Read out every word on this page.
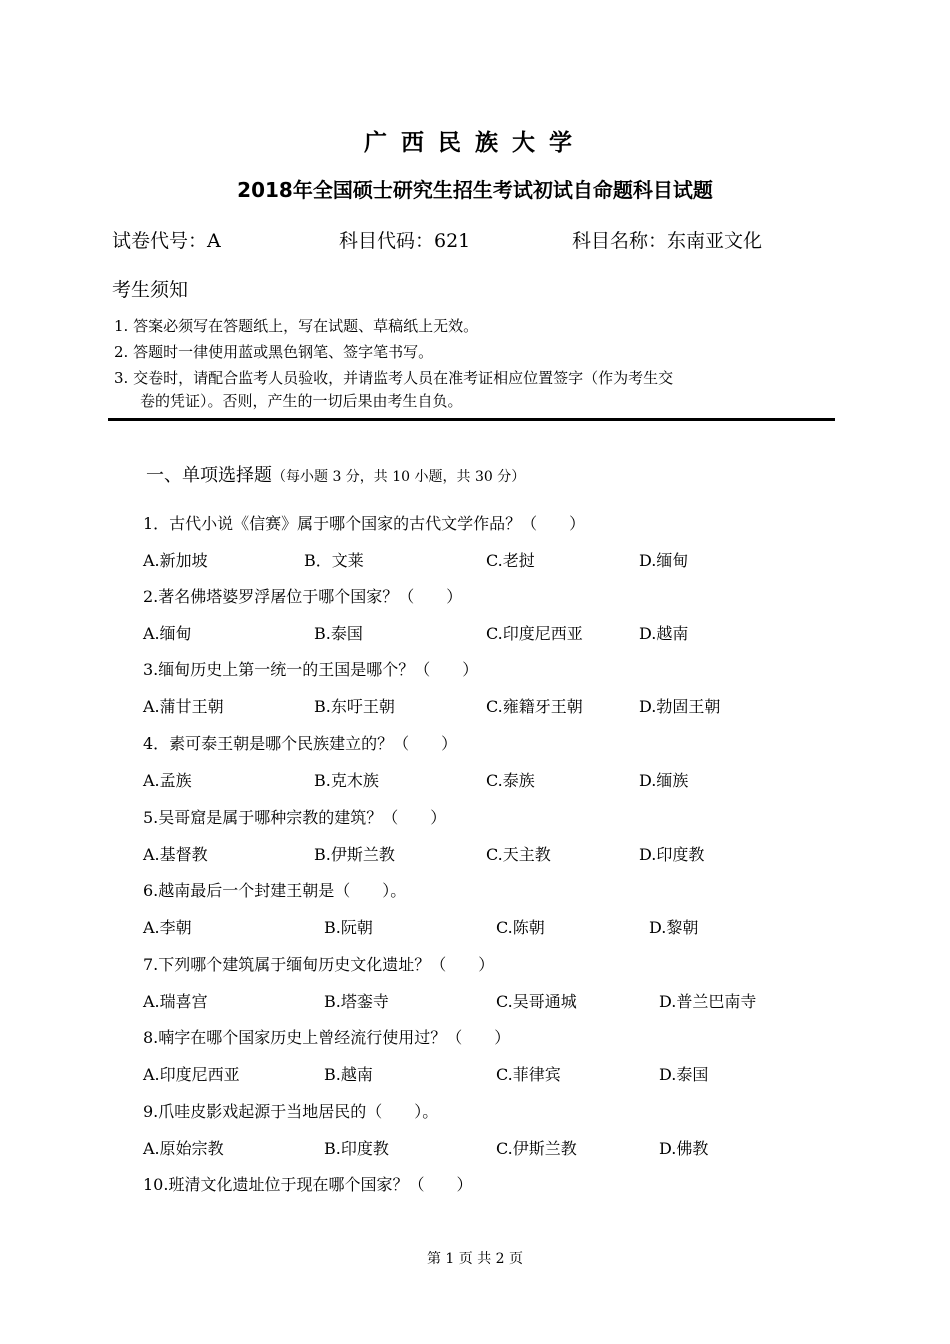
广西民族大学
2018年全国硕士研究生招生考试初试自命题科目试题
试卷代号：A	科目代码：621	科目名称：东南亚文化
考生须知
1. 答案必须写在答题纸上，写在试题、草稿纸上无效。
2. 答题时一律使用蓝或黑色钢笔、签字笔书写。
3. 交卷时，请配合监考人员验收，并请监考人员在准考证相应位置签字（作为考生交
卷的凭证）。否则，产生的一切后果由考生自负。
一、单项选择题（每小题 3 分，共 10 小题，共 30 分）
1．古代小说《信赛》属于哪个国家的古代文学作品？（　　）
A.新加坡	B．文莱	C.老挝	D.缅甸
2.著名佛塔婆罗浮屠位于哪个国家？（　　）
A.缅甸	B.泰国	C.印度尼西亚	D.越南
3.缅甸历史上第一统一的王国是哪个？（　　）
A.蒲甘王朝	B.东吁王朝	C.雍籍牙王朝	D.勃固王朝
4．素可泰王朝是哪个民族建立的？（　　）
A.孟族	B.克木族	C.泰族	D.缅族
5.吴哥窟是属于哪种宗教的建筑？（　　）
A.基督教	B.伊斯兰教	C.天主教	D.印度教
6.越南最后一个封建王朝是（　　）。
A.李朝	B.阮朝	C.陈朝	D.黎朝
7.下列哪个建筑属于缅甸历史文化遗址？（　　）
A.瑞喜宫	B.塔銮寺	C.吴哥通城	D.普兰巴南寺
8.喃字在哪个国家历史上曾经流行使用过？（　　）
A.印度尼西亚	B.越南	C.菲律宾	D.泰国
9.爪哇皮影戏起源于当地居民的（　　）。
A.原始宗教	B.印度教	C.伊斯兰教	D.佛教
10.班清文化遗址位于现在哪个国家？（　　）
第 1 页 共 2 页
